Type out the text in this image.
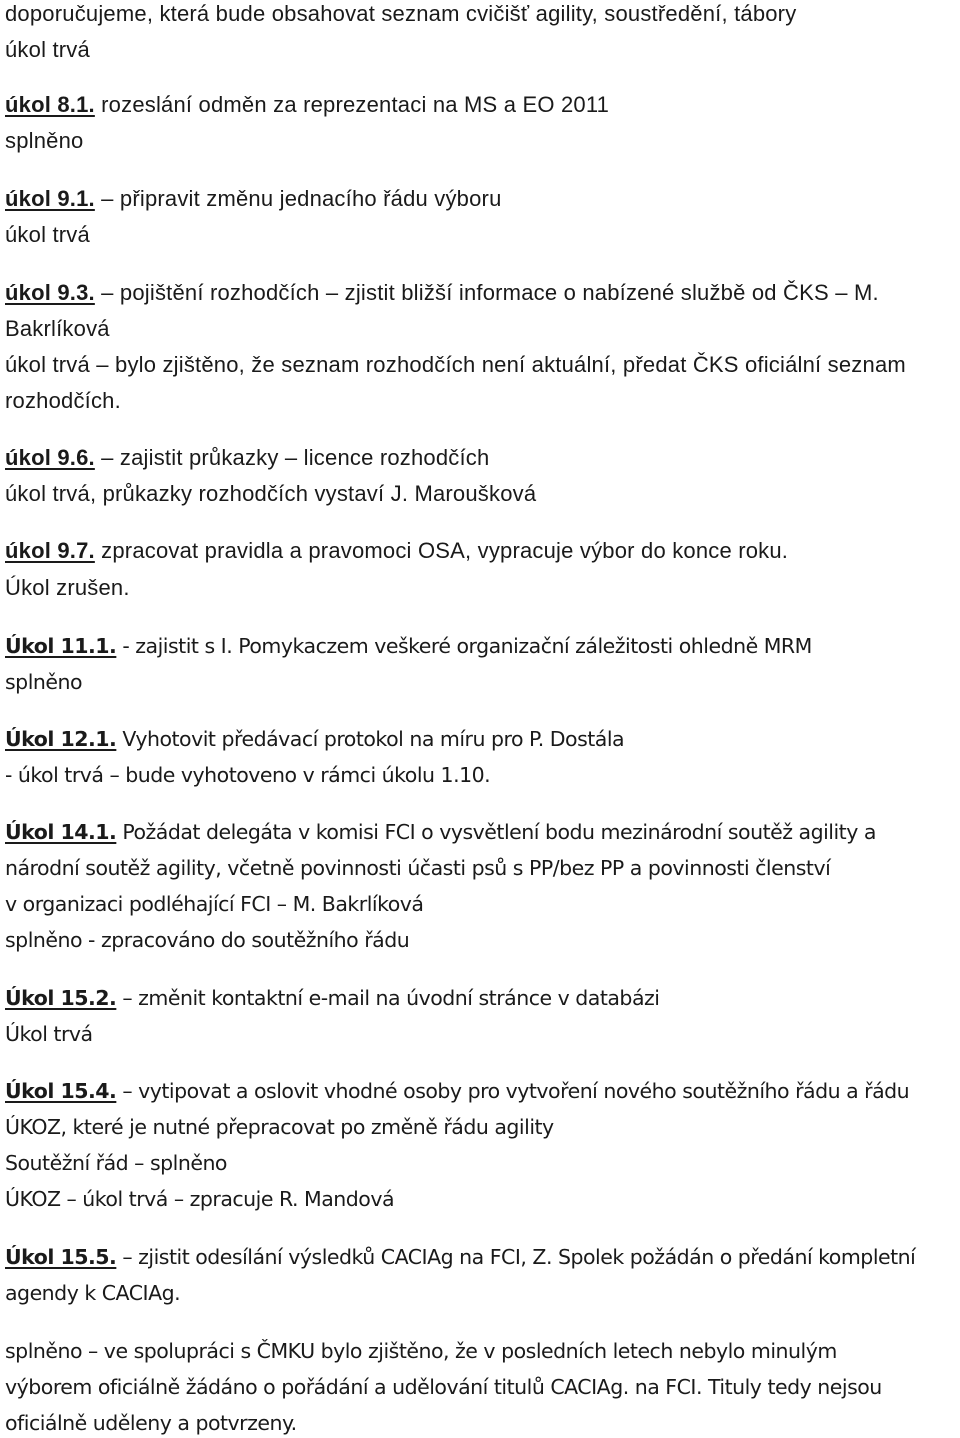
doporučujeme, která bude obsahovat seznam cvičišť agility, soustředění, tábory
úkol trvá
úkol 8.1. rozeslání odměn za reprezentaci na MS a EO 2011
splněno
úkol 9.1. – připravit změnu jednacího řádu výboru
úkol trvá
úkol 9.3. – pojištění rozhodčích – zjistit bližší informace o nabízené službě od ČKS – M.
Bakrlíková
úkol trvá – bylo zjištěno, že seznam rozhodčích není aktuální, předat ČKS oficiální seznam
rozhodčích.
úkol 9.6. – zajistit průkazky – licence rozhodčích
úkol trvá, průkazky rozhodčích vystaví J. Maroušková
úkol 9.7. zpracovat pravidla a pravomoci OSA, vypracuje výbor do konce roku.
Úkol zrušen.
Úkol 11.1. - zajistit s I. Pomykaczem veškeré organizační záležitosti ohledně MRM
splněno
Úkol 12.1. Vyhotovit předávací protokol na míru pro P. Dostála
- úkol trvá – bude vyhotoveno v rámci úkolu 1.10.
Úkol 14.1. Požádat delegáta v komisi FCI o vysvětlení bodu mezinárodní soutěž agility a
národní soutěž agility, včetně povinnosti účasti psů s PP/bez PP a povinnosti členství
v organizaci podléhající FCI – M. Bakrlíková
splněno - zpracováno do soutěžního řádu
Úkol 15.2. – změnit kontaktní e-mail na úvodní stránce v databázi
Úkol trvá
Úkol 15.4. – vytipovat a oslovit vhodné osoby pro vytvoření nového soutěžního řádu a řádu
ÚKOZ, které je nutné přepracovat po změně řádu agility
Soutěžní řád – splněno
ÚKOZ – úkol trvá – zpracuje R. Mandová
Úkol 15.5. – zjistit odesílání výsledků CACIAg na FCI, Z. Spolek požádán o předání kompletní
agendy k CACIAg.
splněno – ve spolupráci s ČMKU bylo zjištěno, že v posledních letech nebylo minulým
výborem oficiálně žádáno o pořádání a udělování titulů CACIAg. na FCI. Tituly tedy nejsou
oficiálně uděleny a potvrzeny.
